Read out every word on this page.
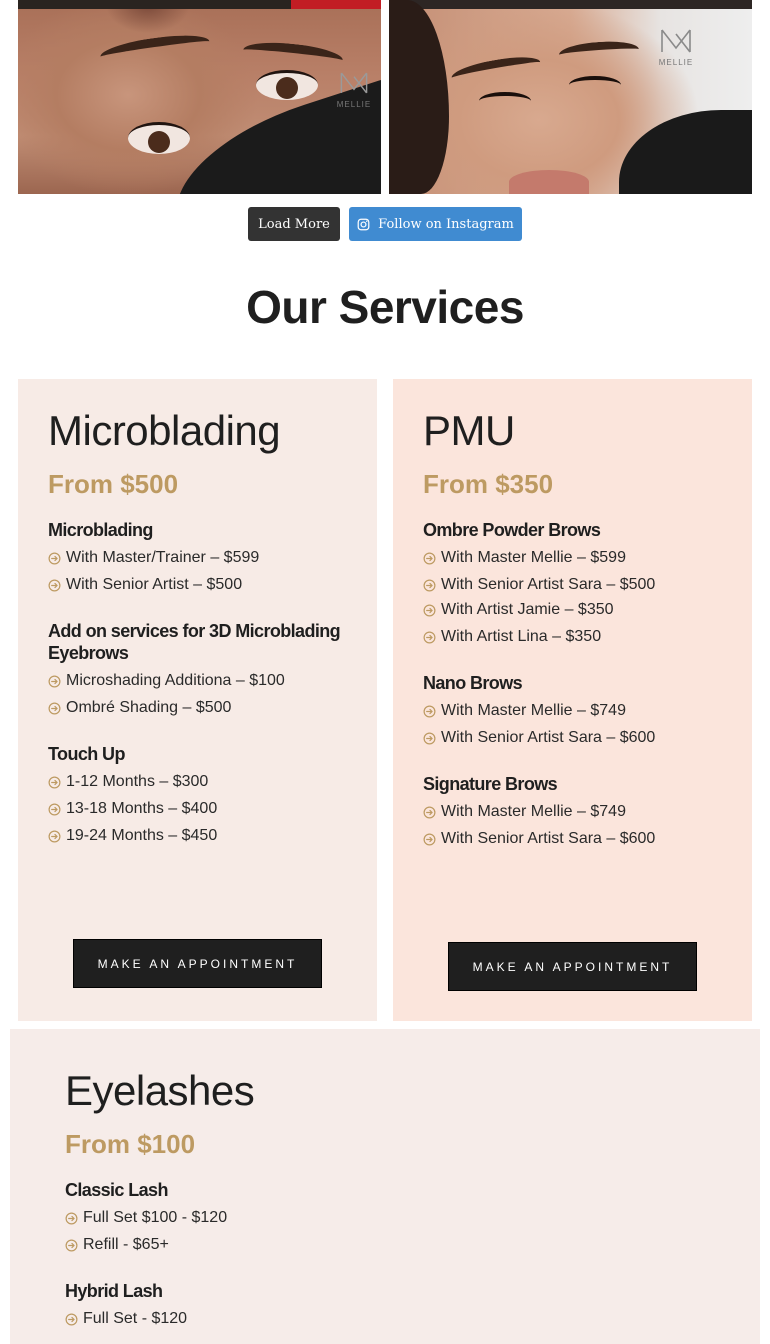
MELLIE
MELLIE
Load More	Follow on Instagram
Our Services
Microblading
From $500
Microblading
With Master/Trainer – $599
With Senior Artist – $500
Add on services for 3D Microblading
Eyebrows
Microshading Additiona – $100
Ombré Shading – $500
Touch Up
1-12 Months – $300
13-18 Months – $400
19-24 Months – $450
MAKE AN APPOINTMENT
PMU
From $350
Ombre Powder Brows
With Master Mellie – $599
With Senior Artist Sara – $500
With Artist Jamie – $350
With Artist Lina – $350
Nano Brows
With Master Mellie – $749
With Senior Artist Sara – $600
Signature Brows
With Master Mellie – $749
With Senior Artist Sara – $600
MAKE AN APPOINTMENT
Eyelashes
From $100
Classic Lash
Full Set $100 - $120
Refill - $65+
Hybrid Lash
Full Set - $120
